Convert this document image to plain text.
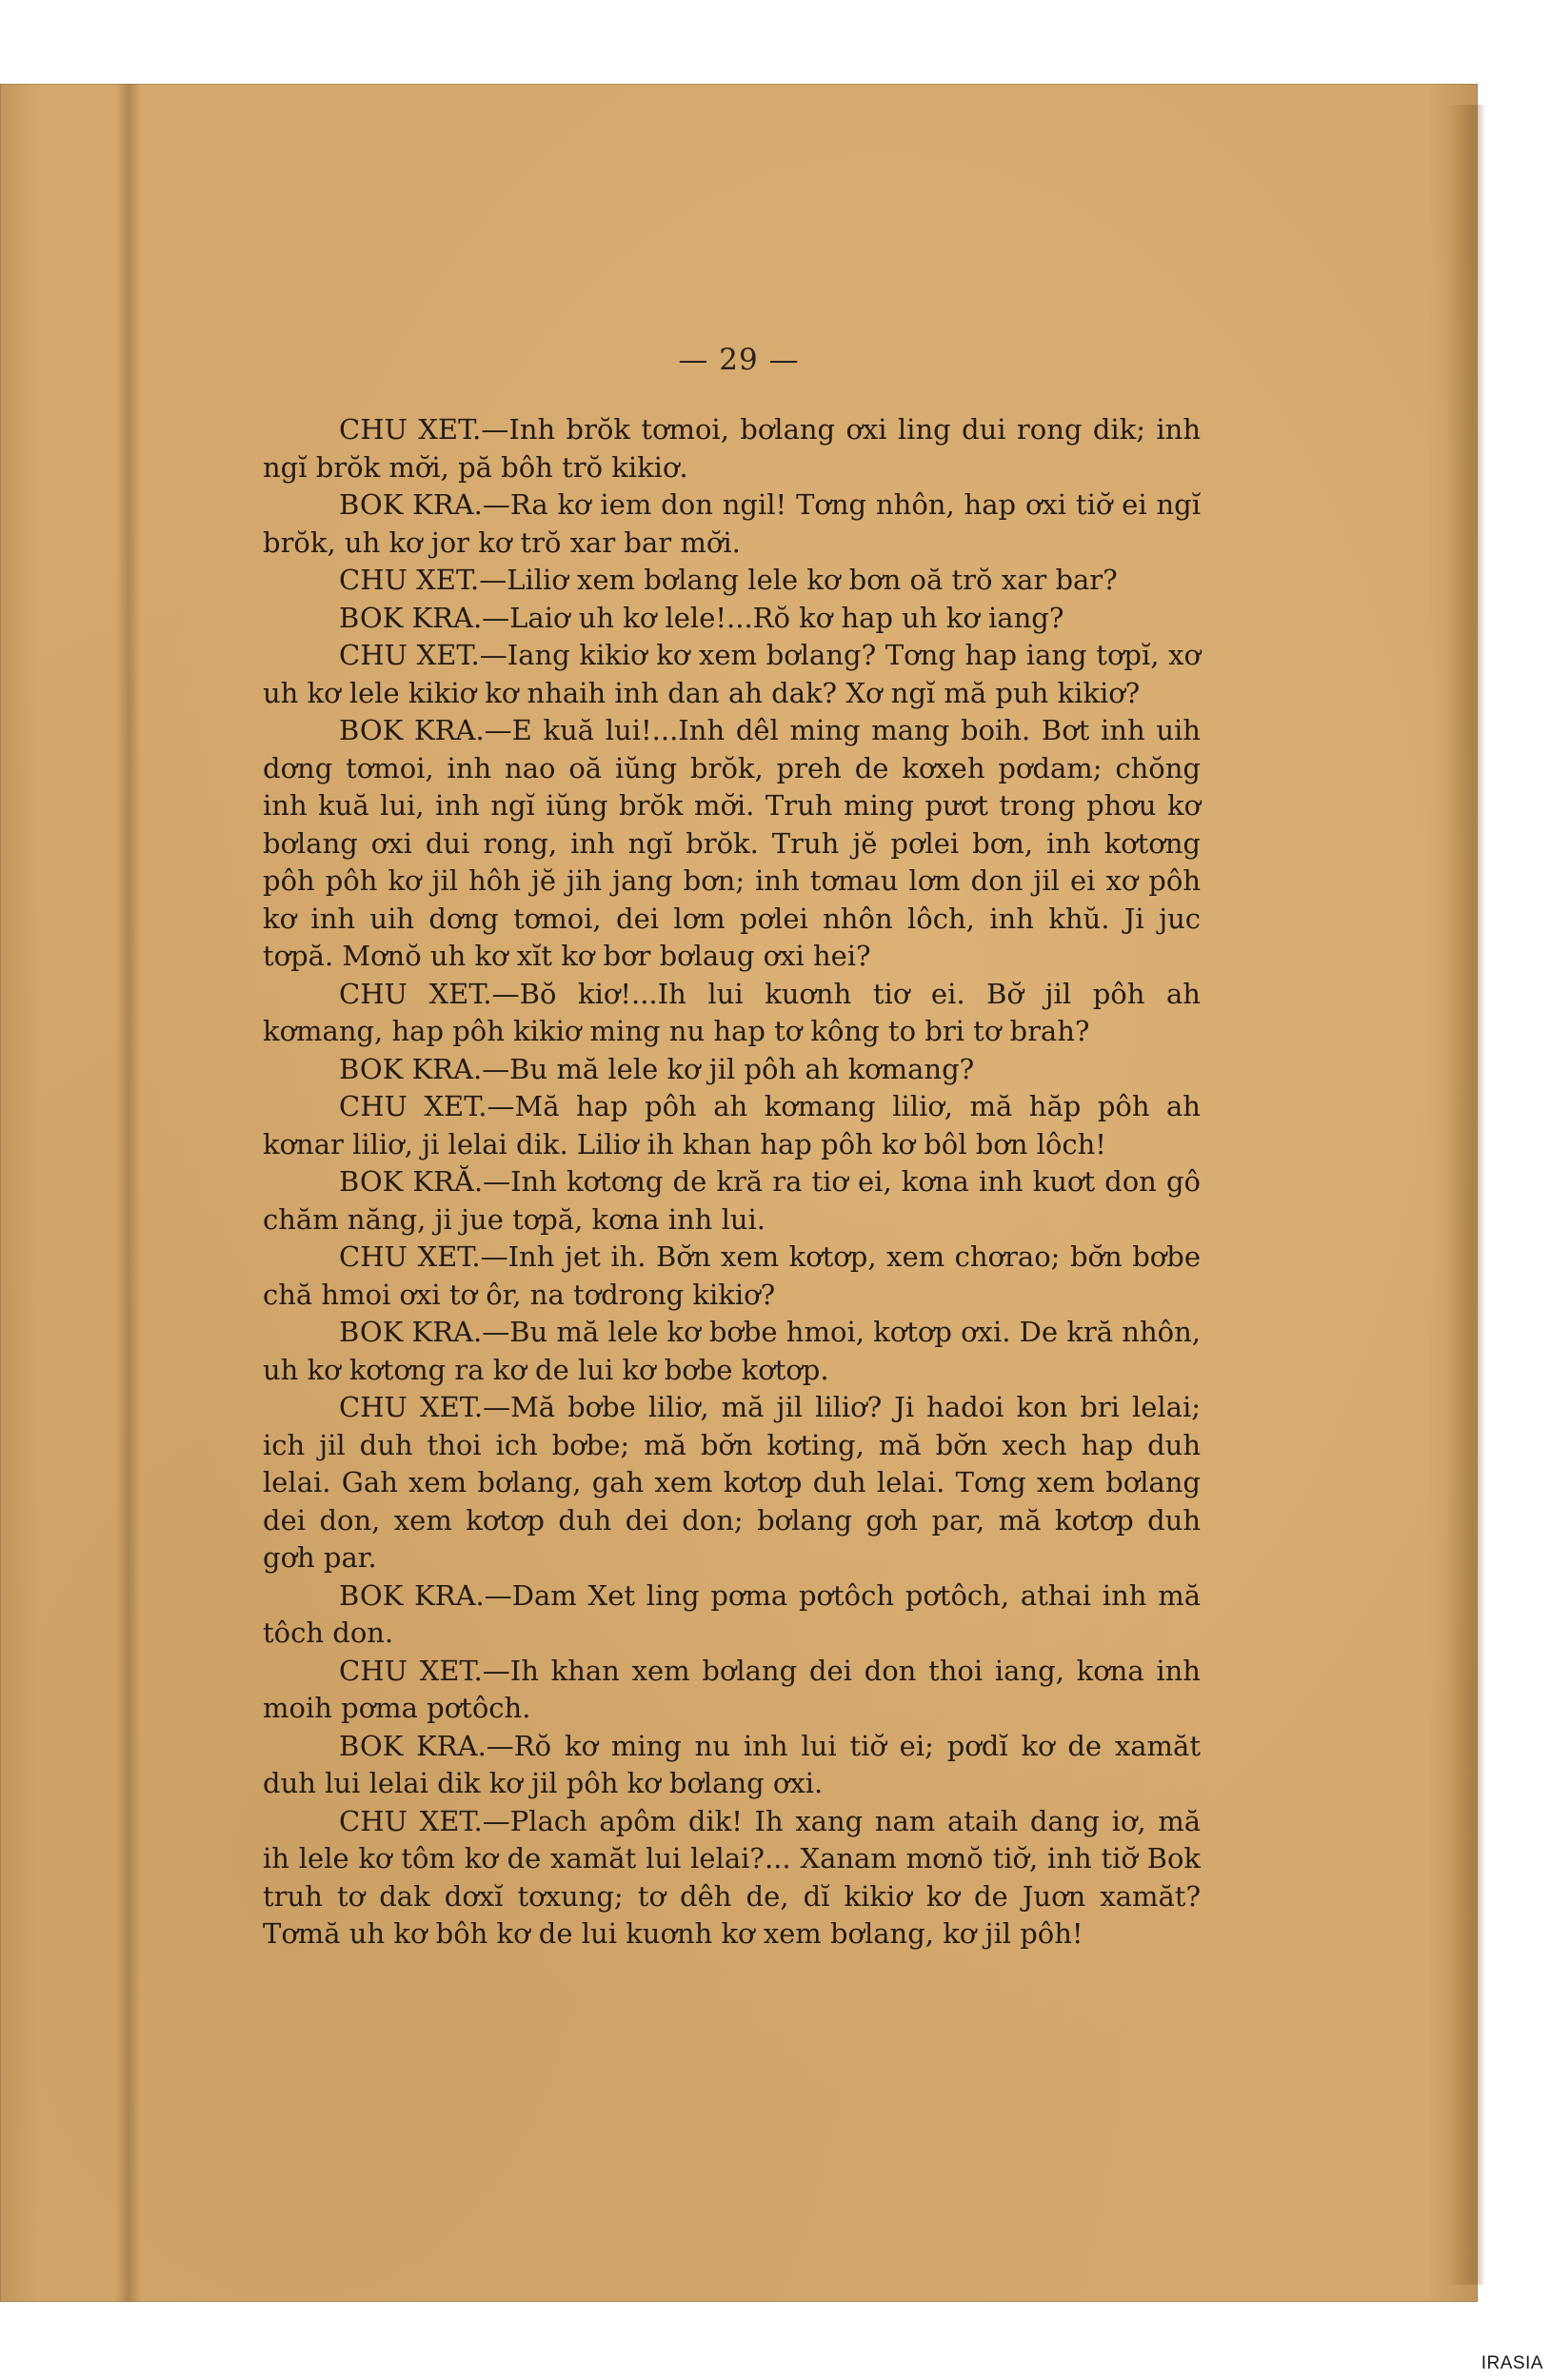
— 29 —

CHU XET.—Inh brŏk tơmoi, bơlang ơxi ling dui rong dik; inh ngĭ brŏk mơ̆i, pă bôh trŏ kikiơ.

BOK KRA.—Ra kơ iem don ngil! Tơng nhôn, hap ơxi tiơ̆ ei ngĭ brŏk, uh kơ jor kơ trŏ xar bar mơ̆i.

CHU XET.—Liliơ xem bơlang lele kơ bơn oă trŏ xar bar?

BOK KRA.—Laiơ uh kơ lele!...Rŏ kơ hap uh kơ iang?

CHU XET.—Iang kikiơ kơ xem bơlang? Tơng hap iang tơpĭ, xơ uh kơ lele kikiơ kơ nhaih inh dan ah dak? Xơ ngĭ mă puh kikiơ?

BOK KRA.—E kuă lui!...Inh dêl ming mang boih. Bơt inh uih dơng tơmoi, inh nao oă iŭng brŏk, preh de kơxeh pơdam; chŏng inh kuă lui, inh ngĭ iŭng brŏk mơ̆i. Truh ming pươt trong phơu kơ bơlang ơxi dui rong, inh ngĭ brŏk. Truh jĕ pơlei bơn, inh kơtơng pôh pôh kơ jil hôh jĕ jih jang bơn; inh tơmau lơm don jil ei xơ pôh kơ inh uih dơng tơmoi, dei lơm pơlei nhôn lôch, inh khŭ. Ji juc tơpă. Mơnŏ uh kơ xĭt kơ bơr bơlaug ơxi hei?

CHU XET.—Bŏ kiơ!...Ih lui kuơnh tiơ ei. Bơ̆ jil pôh ah kơmang, hap pôh kikiơ ming nu hap tơ kông to bri tơ brah?

BOK KRA.—Bu mă lele kơ jil pôh ah kơmang?

CHU XET.—Mă hap pôh ah kơmang liliơ, mă hăp pôh ah kơnar liliơ, ji lelai dik. Liliơ ih khan hap pôh kơ bôl bơn lôch!

BOK KRĂ.—Inh kơtơng de kră ra tiơ ei, kơna inh kuơt don gô chăm năng, ji jue tơpă, kơna inh lui.

CHU XET.—Inh jet ih. Bơ̆n xem kơtơp, xem chơrao; bơ̆n bơbe chă hmoi ơxi tơ ôr, na tơdrong kikiơ?

BOK KRA.—Bu mă lele kơ bơbe hmoi, kơtơp ơxi. De kră nhôn, uh kơ kơtơng ra kơ de lui kơ bơbe kơtơp.

CHU XET.—Mă bơbe liliơ, mă jil liliơ? Ji hadoi kon bri lelai; ich jil duh thoi ich bơbe; mă bơ̆n kơting, mă bơ̆n xech hap duh lelai. Gah xem bơlang, gah xem kơtơp duh lelai. Tơng xem bơlang dei don, xem kơtơp duh dei don; bơlang gơh par, mă kơtơp duh gơh par.

BOK KRA.—Dam Xet ling pơma pơtôch pơtôch, athai inh mă tôch don.

CHU XET.—Ih khan xem bơlang dei don thoi iang, kơna inh moih pơma pơtôch.

BOK KRA.—Rŏ kơ ming nu inh lui tiơ̆ ei; pơdĭ kơ de xamăt duh lui lelai dik kơ jil pôh kơ bơlang ơxi.

CHU XET.—Plach apôm dik! Ih xang nam ataih dang iơ, mă ih lele kơ tôm kơ de xamăt lui lelai?... Xanam mơnŏ tiơ̆, inh tiơ̆ Bok truh tơ dak dơxĭ tơxung; tơ dêh de, dĭ kikiơ kơ de Juơn xamăt? Tơmă uh kơ bôh kơ de lui kuơnh kơ xem bơlang, kơ jil pôh!

IRASIA
